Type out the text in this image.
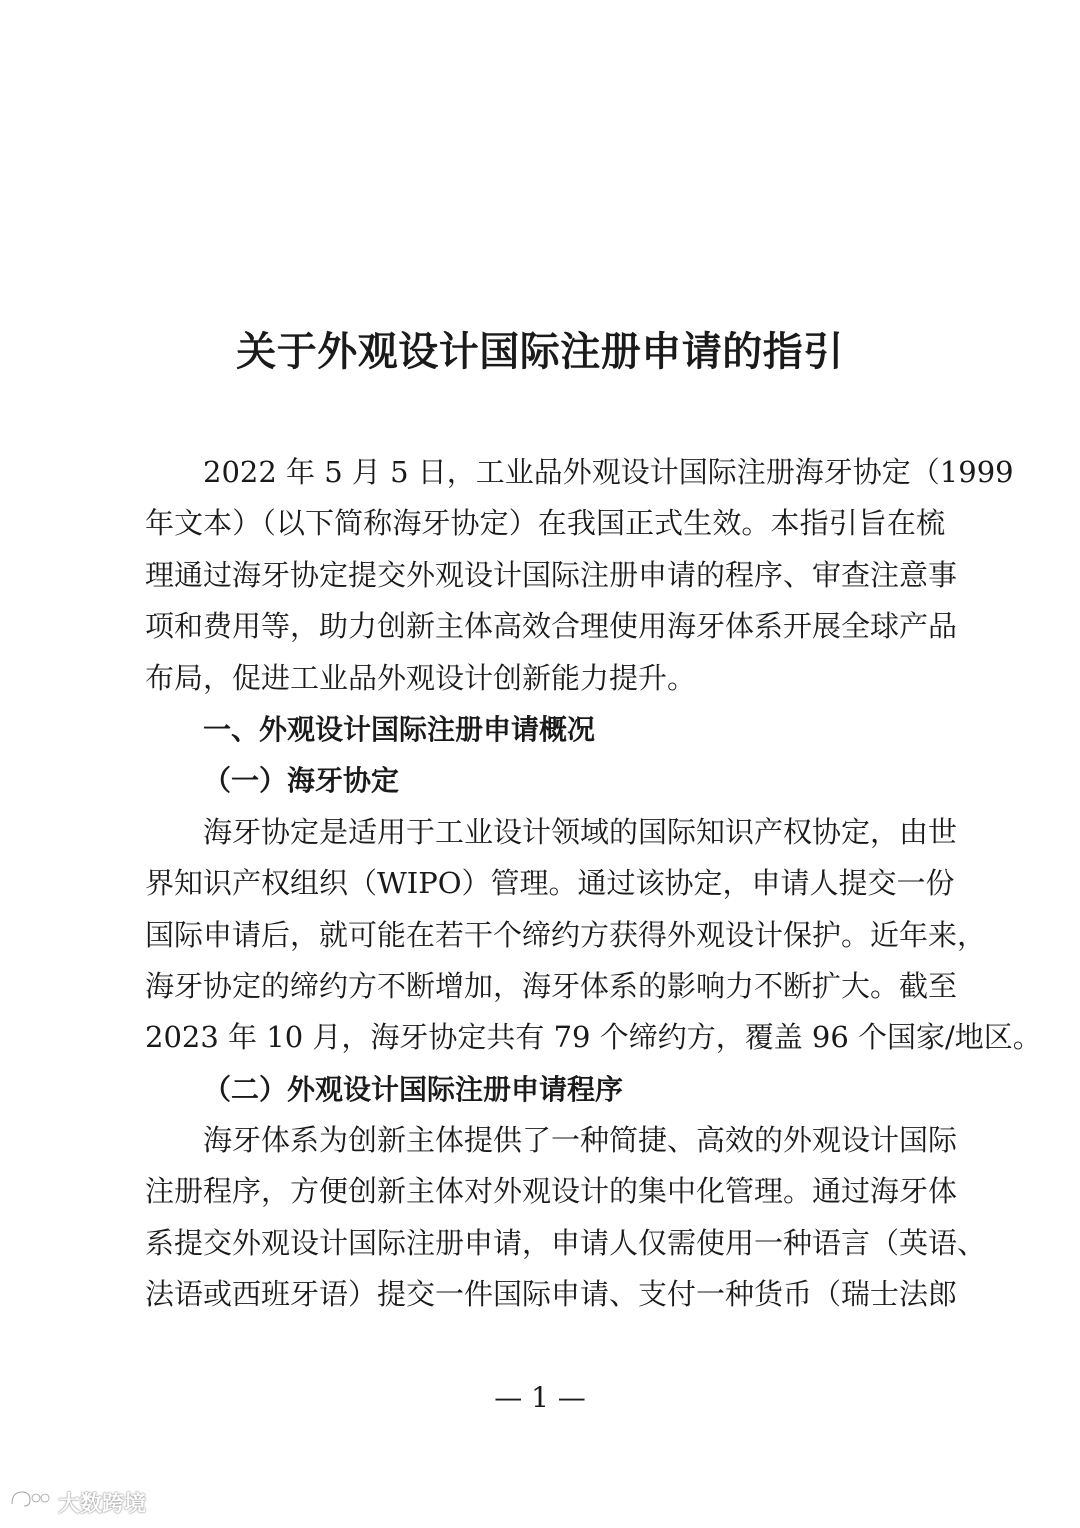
关于外观设计国际注册申请的指引
2022 年 5 月 5 日，工业品外观设计国际注册海牙协定（1999
年文本）（以下简称海牙协定）在我国正式生效。本指引旨在梳
理通过海牙协定提交外观设计国际注册申请的程序、审查注意事
项和费用等，助力创新主体高效合理使用海牙体系开展全球产品
布局，促进工业品外观设计创新能力提升。
一、外观设计国际注册申请概况
（一）海牙协定
海牙协定是适用于工业设计领域的国际知识产权协定，由世
界知识产权组织（WIPO）管理。通过该协定，申请人提交一份
国际申请后，就可能在若干个缔约方获得外观设计保护。近年来，
海牙协定的缔约方不断增加，海牙体系的影响力不断扩大。截至
2023 年 10 月，海牙协定共有 79 个缔约方，覆盖 96 个国家/地区。
（二）外观设计国际注册申请程序
海牙体系为创新主体提供了一种简捷、高效的外观设计国际
注册程序，方便创新主体对外观设计的集中化管理。通过海牙体
系提交外观设计国际注册申请，申请人仅需使用一种语言（英语、
法语或西班牙语）提交一件国际申请、支付一种货币（瑞士法郎
— 1 —
大数跨境
